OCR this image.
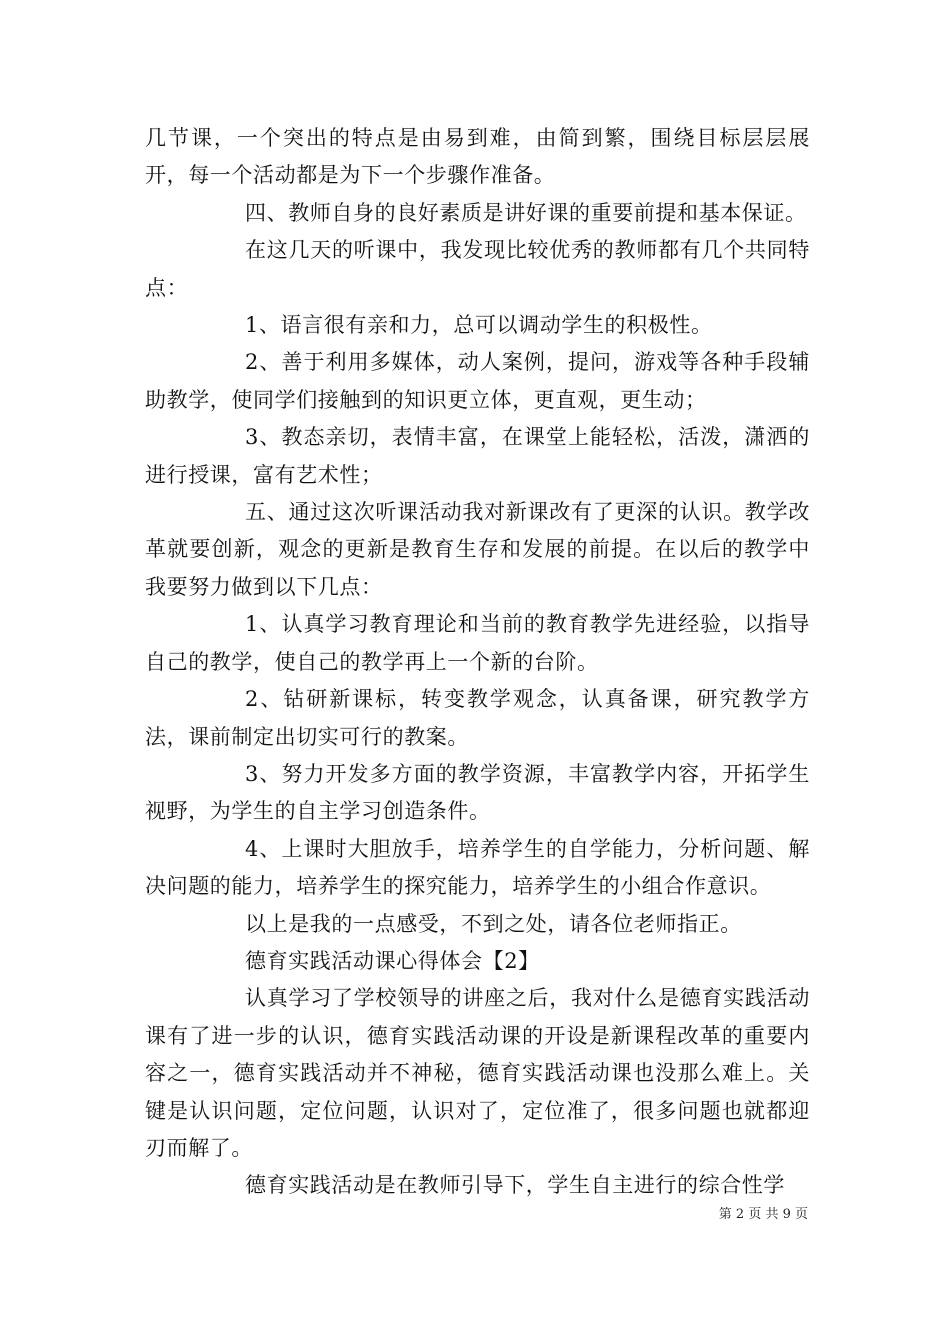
几节课，一个突出的特点是由易到难，由简到繁，围绕目标层层展开，每一个活动都是为下一个步骤作准备。

四、教师自身的良好素质是讲好课的重要前提和基本保证。

在这几天的听课中，我发现比较优秀的教师都有几个共同特点：

1、语言很有亲和力，总可以调动学生的积极性。

2、善于利用多媒体，动人案例，提问，游戏等各种手段辅助教学，使同学们接触到的知识更立体，更直观，更生动；

3、教态亲切，表情丰富，在课堂上能轻松，活泼，潇洒的进行授课，富有艺术性；

五、通过这次听课活动我对新课改有了更深的认识。教学改革就要创新，观念的更新是教育生存和发展的前提。在以后的教学中我要努力做到以下几点：

1、认真学习教育理论和当前的教育教学先进经验，以指导自己的教学，使自己的教学再上一个新的台阶。

2、钻研新课标，转变教学观念，认真备课，研究教学方法，课前制定出切实可行的教案。

3、努力开发多方面的教学资源，丰富教学内容，开拓学生视野，为学生的自主学习创造条件。

4、上课时大胆放手，培养学生的自学能力，分析问题、解决问题的能力，培养学生的探究能力，培养学生的小组合作意识。

以上是我的一点感受，不到之处，请各位老师指正。

德育实践活动课心得体会【2】

认真学习了学校领导的讲座之后，我对什么是德育实践活动课有了进一步的认识，德育实践活动课的开设是新课程改革的重要内容之一，德育实践活动并不神秘，德育实践活动课也没那么难上。关键是认识问题，定位问题，认识对了，定位准了，很多问题也就都迎刃而解了。

德育实践活动是在教师引导下，学生自主进行的综合性学

第 2 页 共 9 页
